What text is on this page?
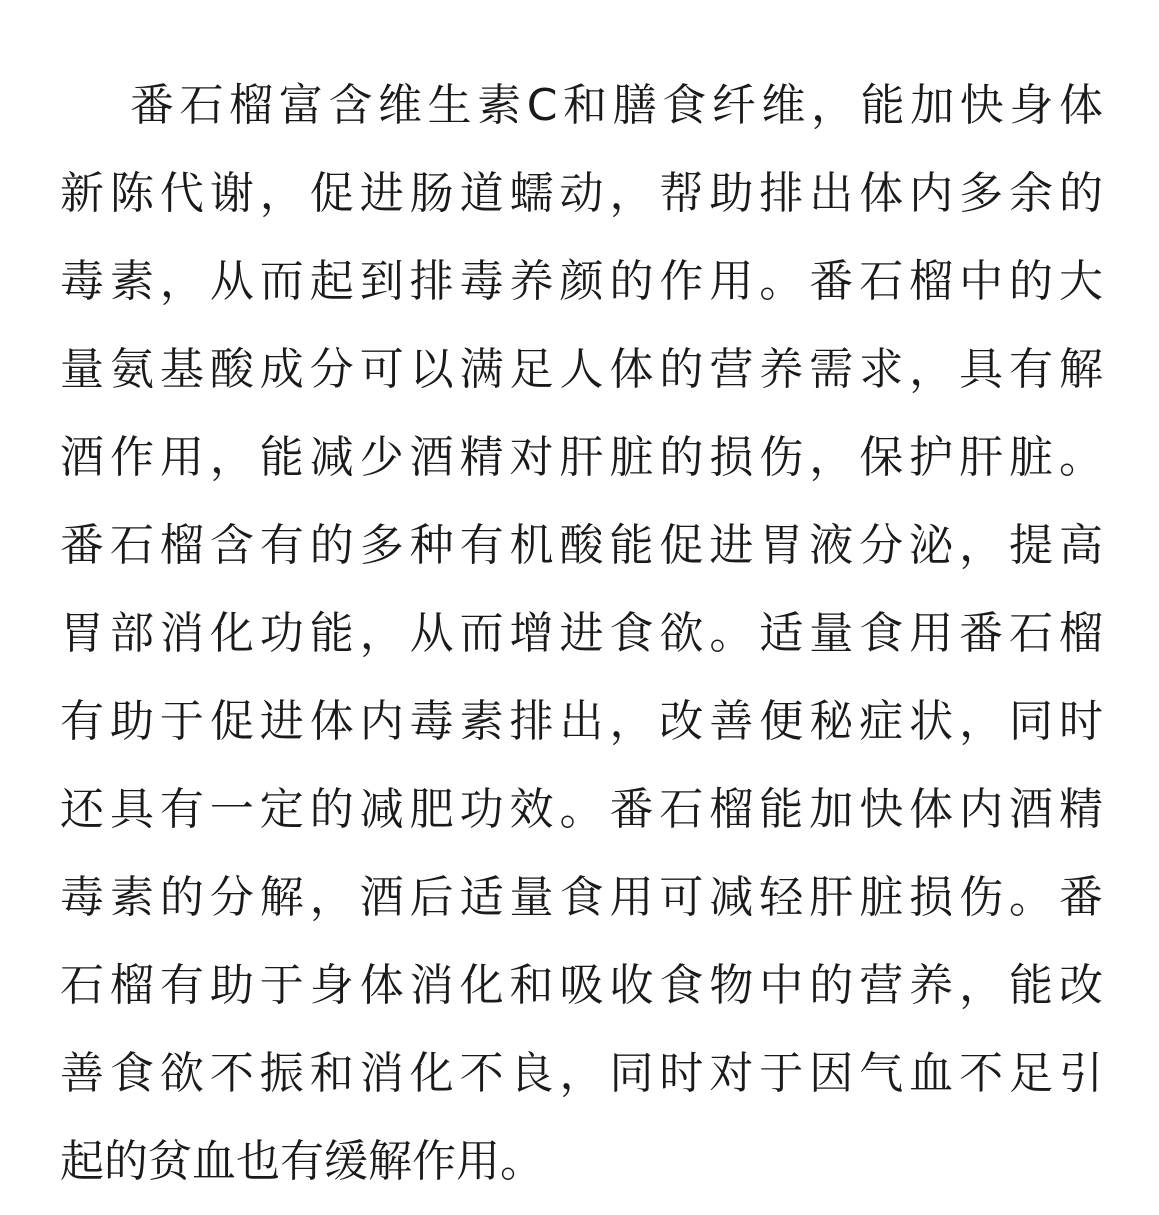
番石榴富含维生素C和膳食纤维，能加快身体
新陈代谢，促进肠道蠕动，帮助排出体内多余的
毒素，从而起到排毒养颜的作用。番石榴中的大
量氨基酸成分可以满足人体的营养需求，具有解
酒作用，能减少酒精对肝脏的损伤，保护肝脏。
番石榴含有的多种有机酸能促进胃液分泌，提高
胃部消化功能，从而增进食欲。适量食用番石榴
有助于促进体内毒素排出，改善便秘症状，同时
还具有一定的减肥功效。番石榴能加快体内酒精
毒素的分解，酒后适量食用可减轻肝脏损伤。番
石榴有助于身体消化和吸收食物中的营养，能改
善食欲不振和消化不良，同时对于因气血不足引
起的贫血也有缓解作用。
